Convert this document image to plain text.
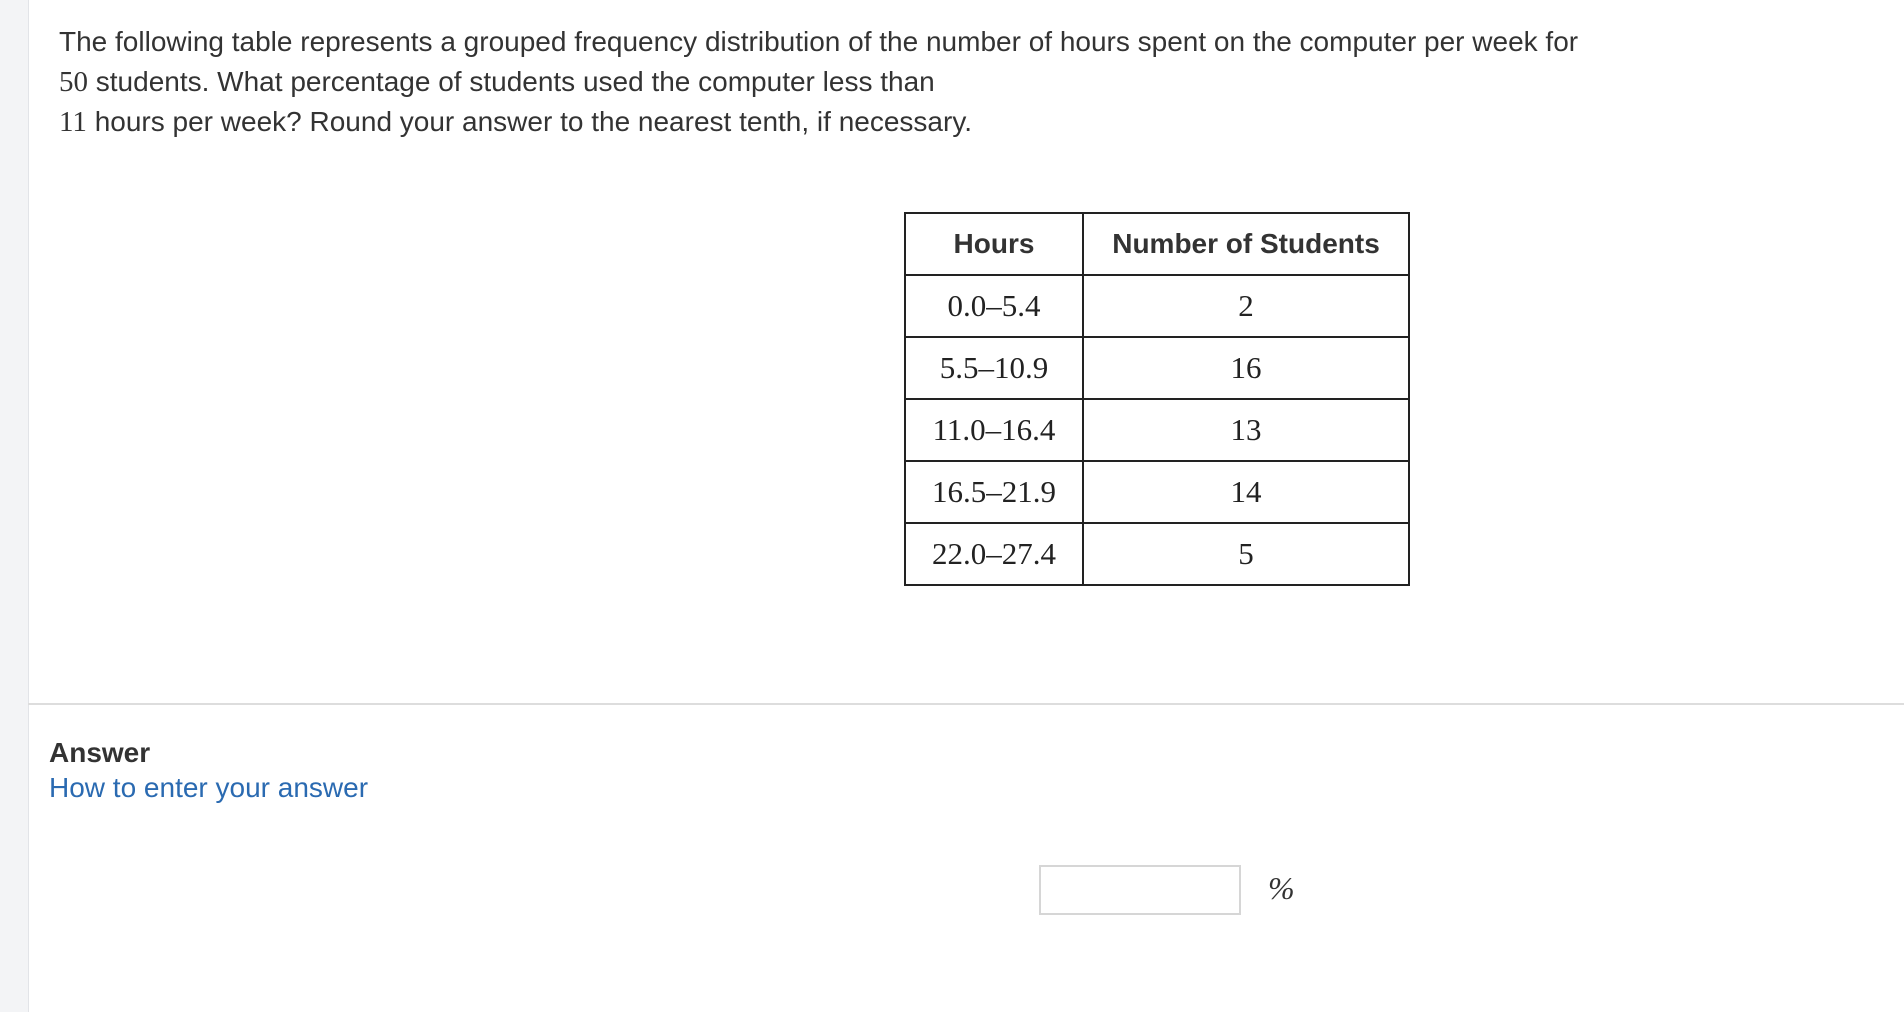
The following table represents a grouped frequency distribution of the number of hours spent on the computer per week for
50 students. What percentage of students used the computer less than
11 hours per week? Round your answer to the nearest tenth, if necessary.
Hours	Number of Students
0.0–5.4	2
5.5–10.9	16
11.0–16.4	13
16.5–21.9	14
22.0–27.4	5
Answer
How to enter your answer
%
